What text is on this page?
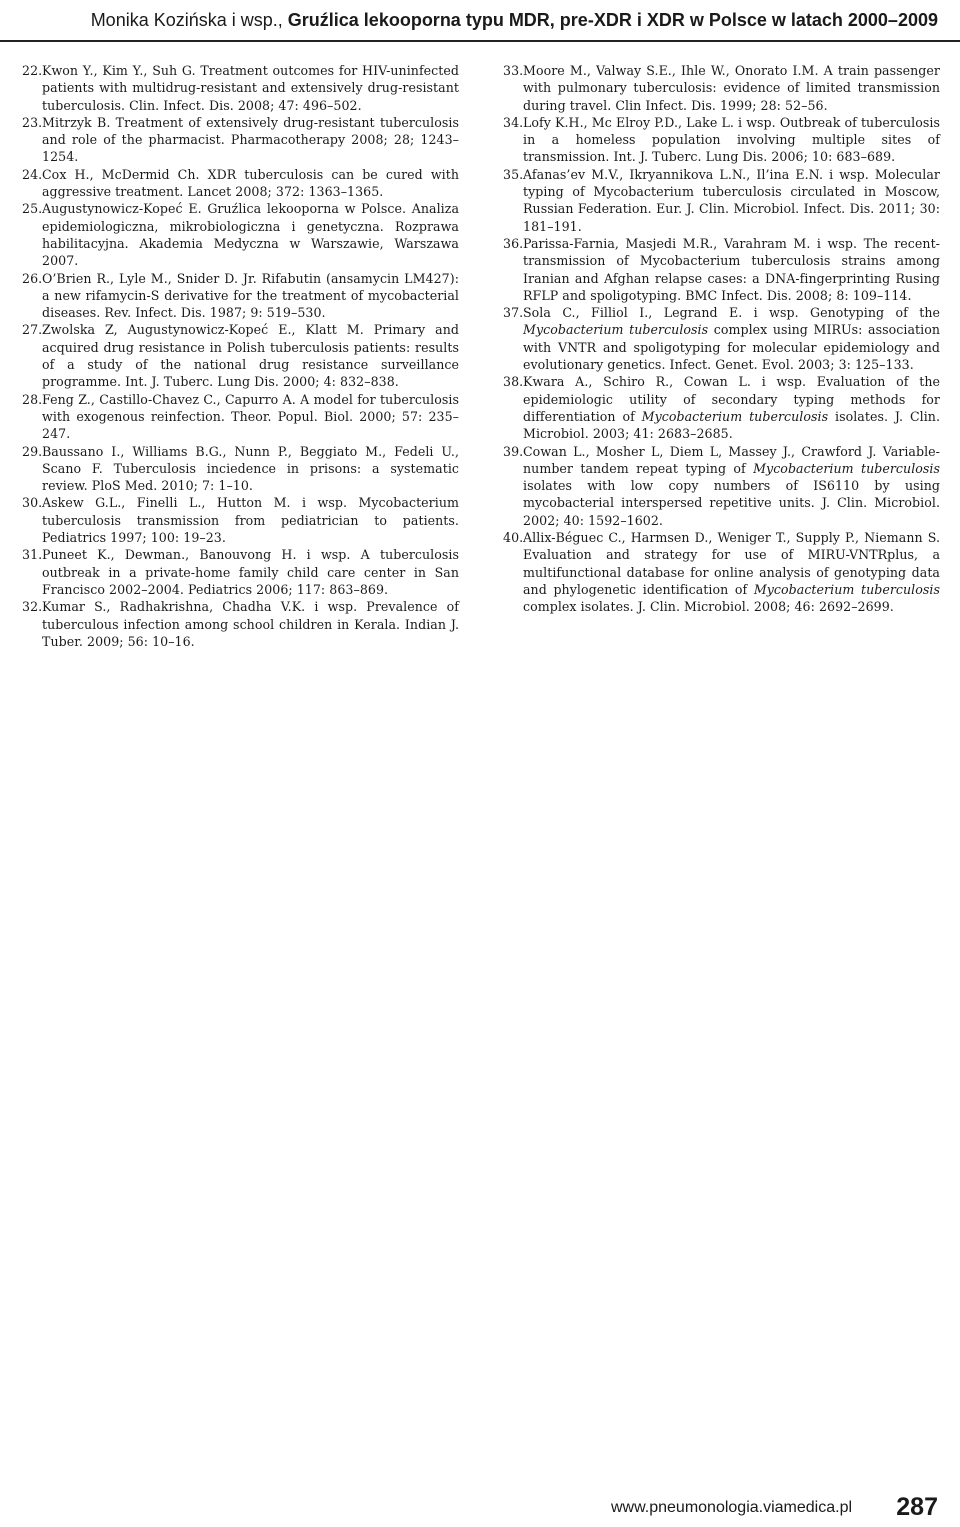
Monika Kozińska i wsp., Gruźlica lekooporna typu MDR, pre-XDR i XDR w Polsce w latach 2000–2009
22. Kwon Y., Kim Y., Suh G. Treatment outcomes for HIV-uninfected patients with multidrug-resistant and extensively drug-resistant tuberculosis. Clin. Infect. Dis. 2008; 47: 496–502.
23. Mitrzyk B. Treatment of extensively drug-resistant tuberculosis and role of the pharmacist. Pharmacotherapy 2008; 28; 1243–1254.
24. Cox H., McDermid Ch. XDR tuberculosis can be cured with aggressive treatment. Lancet 2008; 372: 1363–1365.
25. Augustynowicz-Kopeć E. Gruźlica lekooporna w Polsce. Analiza epidemiologiczna, mikrobiologiczna i genetyczna. Rozprawa habilitacyjna. Akademia Medyczna w Warszawie, Warszawa 2007.
26. O’Brien R., Lyle M., Snider D. Jr. Rifabutin (ansamycin LM427): a new rifamycin-S derivative for the treatment of mycobacterial diseases. Rev. Infect. Dis. 1987; 9: 519–530.
27. Zwolska Z, Augustynowicz-Kopeć E., Klatt M. Primary and acquired drug resistance in Polish tuberculosis patients: results of a study of the national drug resistance surveillance programme. Int. J. Tuberc. Lung Dis. 2000; 4: 832–838.
28. Feng Z., Castillo-Chavez C., Capurro A. A model for tuberculosis with exogenous reinfection. Theor. Popul. Biol. 2000; 57: 235–247.
29. Baussano I., Williams B.G., Nunn P., Beggiato M., Fedeli U., Scano F. Tuberculosis inciedence in prisons: a systematic review. PloS Med. 2010; 7: 1–10.
30. Askew G.L., Finelli L., Hutton M. i wsp. Mycobacterium tuberculosis transmission from pediatrician to patients. Pediatrics 1997; 100: 19–23.
31. Puneet K., Dewman., Banouvong H. i wsp. A tuberculosis outbreak in a private-home family child care center in San Francisco 2002–2004. Pediatrics 2006; 117: 863–869.
32. Kumar S., Radhakrishna, Chadha V.K. i wsp. Prevalence of tuberculous infection among school children in Kerala. Indian J. Tuber. 2009; 56: 10–16.
33. Moore M., Valway S.E., Ihle W., Onorato I.M. A train passenger with pulmonary tuberculosis: evidence of limited transmission during travel. Clin Infect. Dis. 1999; 28: 52–56.
34. Lofy K.H., Mc Elroy P.D., Lake L. i wsp. Outbreak of tuberculosis in a homeless population involving multiple sites of transmission. Int. J. Tuberc. Lung Dis. 2006; 10: 683–689.
35. Afanas’ev M.V., Ikryannikova L.N., Il’ina E.N. i wsp. Molecular typing of Mycobacterium tuberculosis circulated in Moscow, Russian Federation. Eur. J. Clin. Microbiol. Infect. Dis. 2011; 30: 181–191.
36. Parissa-Farnia, Masjedi M.R., Varahram M. i wsp. The recent-transmission of Mycobacterium tuberculosis strains among Iranian and Afghan relapse cases: a DNA-fingerprinting Rusing RFLP and spoligotyping. BMC Infect. Dis. 2008; 8: 109–114.
37. Sola C., Filliol I., Legrand E. i wsp. Genotyping of the Mycobacterium tuberculosis complex using MIRUs: association with VNTR and spoligotyping for molecular epidemiology and evolutionary genetics. Infect. Genet. Evol. 2003; 3: 125–133.
38. Kwara A., Schiro R., Cowan L. i wsp. Evaluation of the epidemiologic utility of secondary typing methods for differentiation of Mycobacterium tuberculosis isolates. J. Clin. Microbiol. 2003; 41: 2683–2685.
39. Cowan L., Mosher L, Diem L, Massey J., Crawford J. Variable-number tandem repeat typing of Mycobacterium tuberculosis isolates with low copy numbers of IS6110 by using mycobacterial interspersed repetitive units. J. Clin. Microbiol. 2002; 40: 1592–1602.
40. Allix-Béguec C., Harmsen D., Weniger T., Supply P., Niemann S. Evaluation and strategy for use of MIRU-VNTRplus, a multifunctional database for online analysis of genotyping data and phylogenetic identification of Mycobacterium tuberculosis complex isolates. J. Clin. Microbiol. 2008; 46: 2692–2699.
www.pneumonologia.viamedica.pl 287
